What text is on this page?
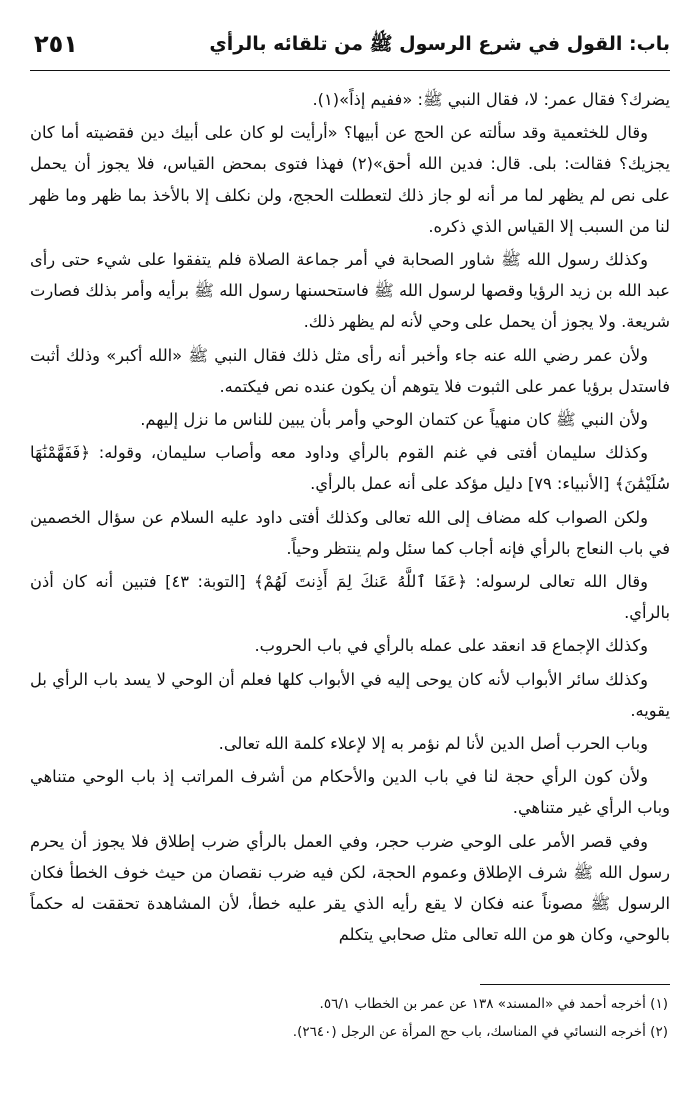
باب: القول في شرع الرسول ﷺ من تلقائه بالرأي
٢٥١

يضرك؟ فقال عمر: لا، فقال النبي ﷺ: «ففيم إذاً»(١).

وقال للخثعمية وقد سألته عن الحج عن أبيها؟ «أرأيت لو كان على أبيك دين فقضيته أما كان يجزيك؟ فقالت: بلى. قال: فدين الله أحق»(٢) فهذا فتوى بمحض القياس، فلا يجوز أن يحمل على نص لم يظهر لما مر أنه لو جاز ذلك لتعطلت الحجج، ولن نكلف إلا بالأخذ بما ظهر وما ظهر لنا من السبب إلا القياس الذي ذكره.

وكذلك رسول الله ﷺ شاور الصحابة في أمر جماعة الصلاة فلم يتفقوا على شيء حتى رأى عبد الله بن زيد الرؤيا وقصها لرسول الله ﷺ فاستحسنها رسول الله ﷺ برأيه وأمر بذلك فصارت شريعة. ولا يجوز أن يحمل على وحي لأنه لم يظهر ذلك.

ولأن عمر رضي الله عنه جاء وأخبر أنه رأى مثل ذلك فقال النبي ﷺ «الله أكبر» وذلك أثبت فاستدل برؤيا عمر على الثبوت فلا يتوهم أن يكون عنده نص فيكتمه.

ولأن النبي ﷺ كان منهياً عن كتمان الوحي وأمر بأن يبين للناس ما نزل إليهم.

وكذلك سليمان أفتى في غنم القوم بالرأي وداود معه وأصاب سليمان، وقوله: ﴿فَفَهَّمْنَٰهَا سُلَيْمَٰنَ﴾ [الأنبياء: ٧٩] دليل مؤكد على أنه عمل بالرأي.

ولكن الصواب كله مضاف إلى الله تعالى وكذلك أفتى داود عليه السلام عن سؤال الخصمين في باب النعاج بالرأي فإنه أجاب كما سئل ولم ينتظر وحياً.

وقال الله تعالى لرسوله: ﴿عَفَا ٱللَّهُ عَنكَ لِمَ أَذِنتَ لَهُمْ﴾ [التوبة: ٤٣] فتبين أنه كان أذن بالرأي.

وكذلك الإجماع قد انعقد على عمله بالرأي في باب الحروب.

وكذلك سائر الأبواب لأنه كان يوحى إليه في الأبواب كلها فعلم أن الوحي لا يسد باب الرأي بل يقويه.

وباب الحرب أصل الدين لأنا لم نؤمر به إلا لإعلاء كلمة الله تعالى.

ولأن كون الرأي حجة لنا في باب الدين والأحكام من أشرف المراتب إذ باب الوحي متناهي وباب الرأي غير متناهي.

وفي قصر الأمر على الوحي ضرب حجر، وفي العمل بالرأي ضرب إطلاق فلا يجوز أن يحرم رسول الله ﷺ شرف الإطلاق وعموم الحجة، لكن فيه ضرب نقصان من حيث خوف الخطأ فكان الرسول ﷺ مصوناً عنه فكان لا يقع رأيه الذي يقر عليه خطأ، لأن المشاهدة تحققت له حكماً بالوحي، وكان هو من الله تعالى مثل صحابي يتكلم

(١) أخرجه أحمد في «المسند» ١٣٨ عن عمر بن الخطاب ٥٦/١.
(٢) أخرجه النسائي في المناسك، باب حج المرأة عن الرجل (٢٦٤٠).
